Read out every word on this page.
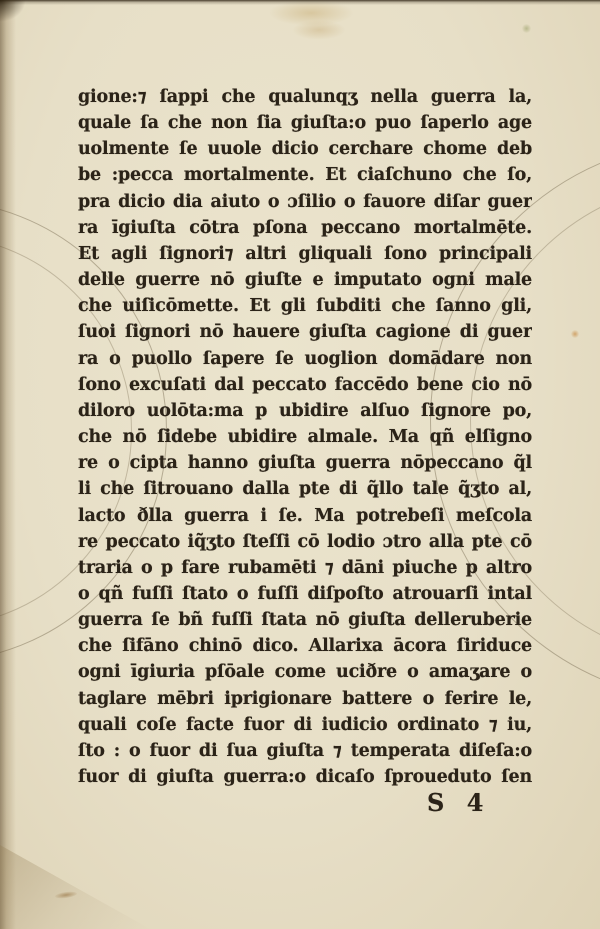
gione:⁊ ſappi che qualunqʒ nella guerra la,
quale ſa che non ſia giuſta:o puo ſaperlo age
uolmente ſe uuole dicio cerchare chome deb
be :pecca mortalmente. Et ciaſchuno che ſo,
pra dicio dia aiuto o ɔſilio o fauore diſar guer
ra īgiuſta cōtra pſona peccano mortalmēte.
Et agli ſignori⁊ altri gliquali ſono principali
delle guerre nō giuſte e imputato ogni male
che uiſicōmette. Et gli ſubditi che ſanno gli,
ſuoi ſignori nō hauere giuſta cagione di guer
ra o puollo ſapere ſe uoglion domādare non
ſono excuſati dal peccato faccēdo bene cio nō
diloro uolōta:ma p ubidire alſuo ſignore po,
che nō ſidebe ubidire almale. Ma qñ elſigno
re o cipta hanno giuſta guerra nōpeccano q̃l
li che ſitrouano dalla pte di q̃llo tale q̃ʒto al,
lacto ðlla guerra i ſe. Ma potrebeſi meſcola
re peccato iq̃ʒto ſteſſi cō lodio ɔtro alla pte cō
traria o p fare rubamēti ⁊ dāni piuche p altro
o qñ fuſſi ſtato o fuſſi diſpoſto atrouarſi intal
guerra ſe bñ fuſſi ſtata nō giuſta delleruberie
che ſifāno chinō dico. Allarixa ācora ſiriduce
ogni īgiuria pſōale come uciðre o amaʒare o
taglare mēbri iprigionare battere o ferire le,
quali coſe facte fuor di iudicio ordinato ⁊ iu,
ſto : o fuor di ſua giuſta ⁊ temperata diſeſa:o
fuor di giuſta guerra:o dicaſo ſproueduto ſen
S 4
